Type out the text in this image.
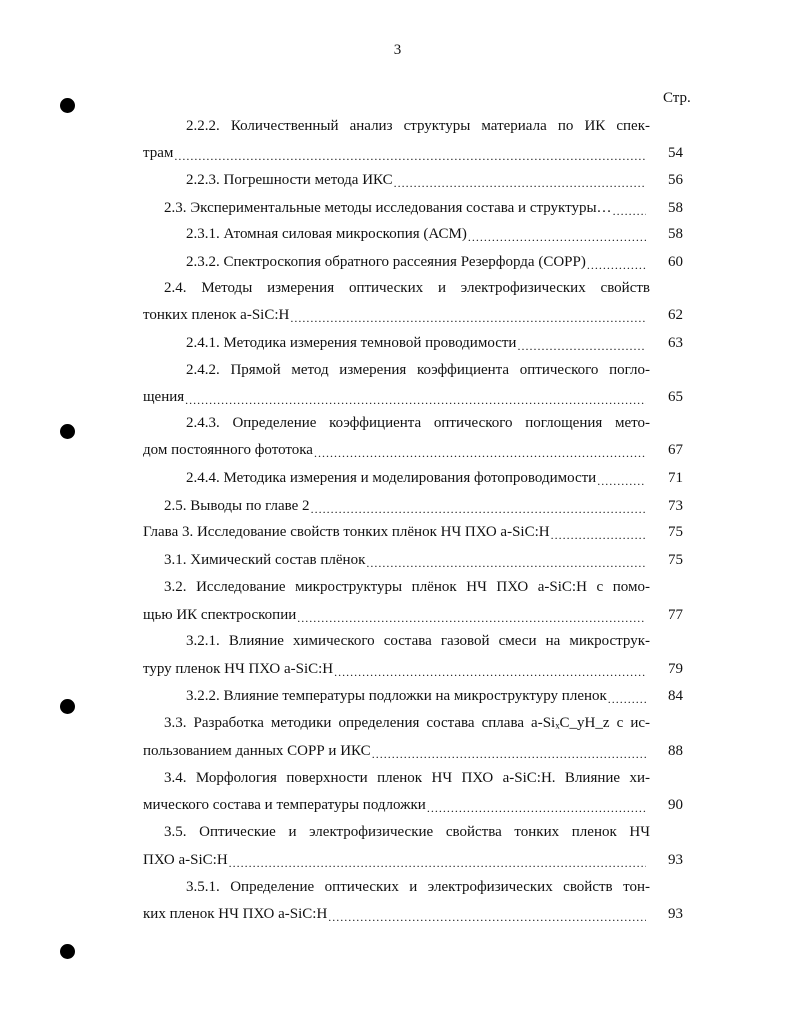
3
Стр.
2.2.2. Количественный анализ структуры материала по ИК спек-
трам .....	54
2.2.3. Погрешности метода ИКС .....	56
2.3. Экспериментальные методы исследования состава и структуры… .....	58
2.3.1. Атомная силовая микроскопия (АСМ) .....	58
2.3.2. Спектроскопия обратного рассеяния Резерфорда (СОРР) .....	60
2.4. Методы измерения оптических и электрофизических свойств
тонких пленок a-SiC:H .....	62
2.4.1. Методика измерения темновой проводимости .....	63
2.4.2. Прямой метод измерения коэффициента оптического погло-
щения .....	65
2.4.3. Определение коэффициента оптического поглощения мето-
дом постоянного фототока .....	67
2.4.4. Методика измерения и моделирования фотопроводимости .....	71
2.5. Выводы по главе 2 .....	73
Глава 3. Исследование свойств тонких плёнок НЧ ПХО a-SiC:H .....	75
3.1. Химический состав плёнок .....	75
3.2. Исследование микроструктуры плёнок НЧ ПХО a-SiC:H с помо-
щью ИК спектроскопии .....	77
3.2.1. Влияние химического состава газовой смеси на микрострук-
туру пленок НЧ ПХО a-SiC:H .....	79
3.2.2. Влияние температуры подложки на микроструктуру пленок .....	84
3.3. Разработка методики определения состава сплава a-SiₓC_yH_z с ис-
пользованием данных СОРР и ИКС .....	88
3.4. Морфология поверхности пленок НЧ ПХО a-SiC:H. Влияние хи-
мического состава и температуры подложки .....	90
3.5. Оптические и электрофизические свойства тонких пленок НЧ
ПХО a-SiC:H .....	93
3.5.1. Определение оптических и электрофизических свойств тон-
ких пленок НЧ ПХО a-SiC:H .....	93
